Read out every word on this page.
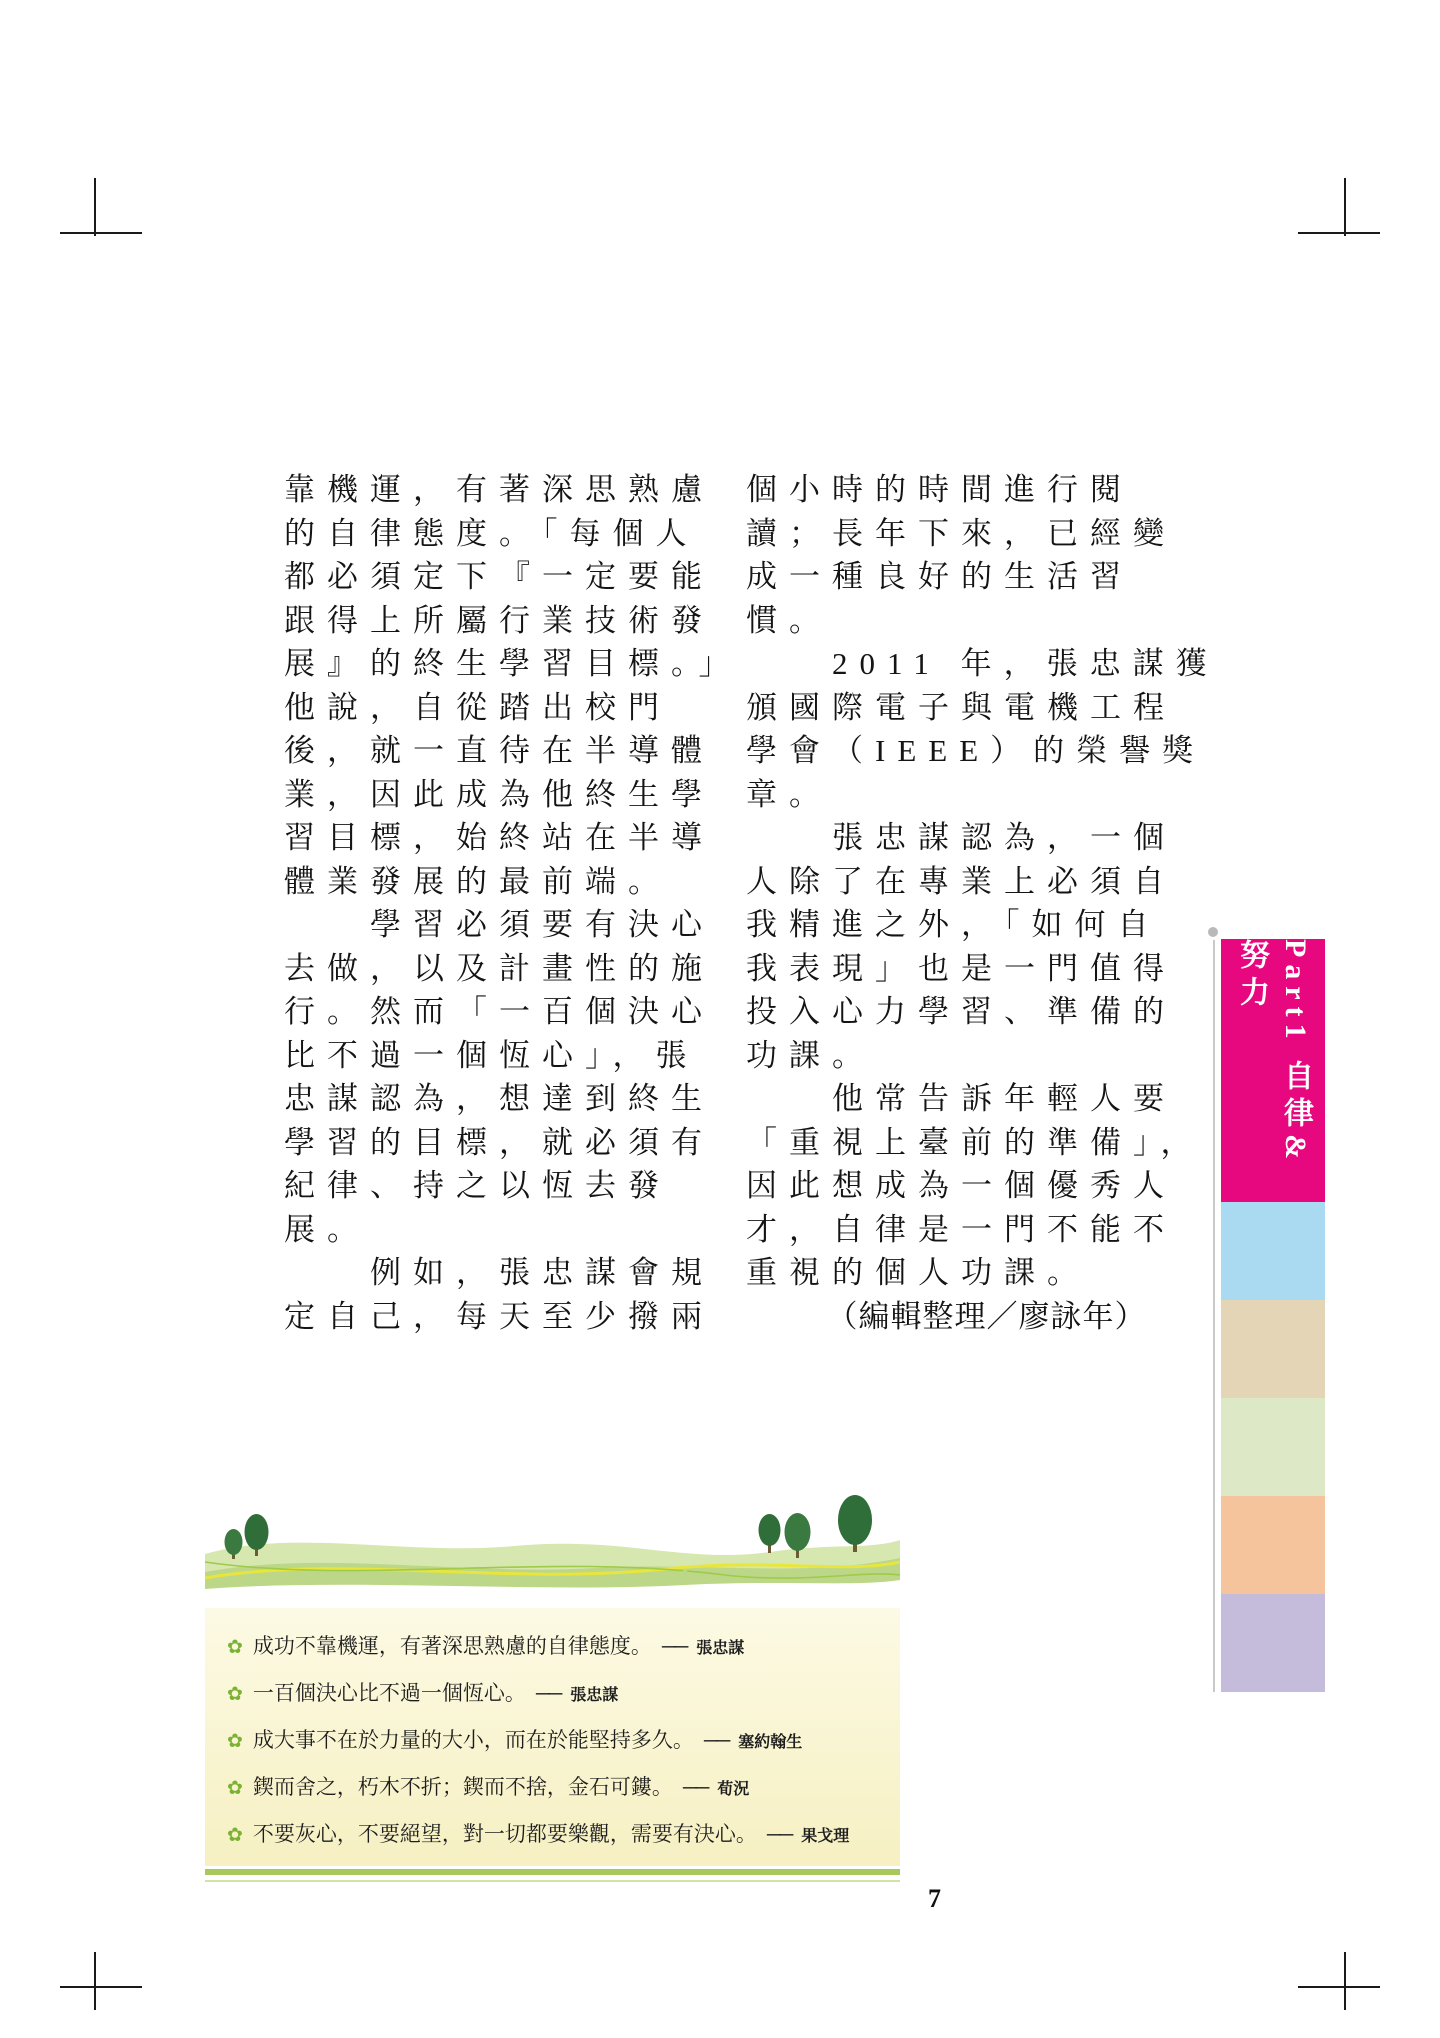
靠機運，有著深思熟慮
的自律態度。「每個人
都必須定下『一定要能
跟得上所屬行業技術發
展』的終生學習目標。」
他說，自從踏出校門
後，就一直待在半導體
業，因此成為他終生學
習目標，始終站在半導
體業發展的最前端。
　　學習必須要有決心
去做，以及計畫性的施
行。然而「一百個決心
比不過一個恆心」，張
忠謀認為，想達到終生
學習的目標，就必須有
紀律、持之以恆去發
展。
　　例如，張忠謀會規
定自己，每天至少撥兩
個小時的時間進行閱
讀；長年下來，已經變
成一種良好的生活習
慣。
　　2011 年，張忠謀獲
頒國際電子與電機工程
學會（IEEE）的榮譽獎
章。
　　張忠謀認為，一個
人除了在專業上必須自
我精進之外，「如何自
我表現」也是一門值得
投入心力學習、準備的
功課。
　　他常告訴年輕人要
「重視上臺前的準備」，
因此想成為一個優秀人
才，自律是一門不能不
重視的個人功課。
　　　（編輯整理／廖詠年）
Part1 自律&努力
✿ 成功不靠機運，有著深思熟慮的自律態度。 ── 張忠謀
✿ 一百個決心比不過一個恆心。 ── 張忠謀
✿ 成大事不在於力量的大小，而在於能堅持多久。 ── 塞約翰生
✿ 鍥而舍之，朽木不折；鍥而不捨，金石可鏤。 ── 荀況
✿ 不要灰心，不要絕望，對一切都要樂觀，需要有決心。 ── 果戈理
7
